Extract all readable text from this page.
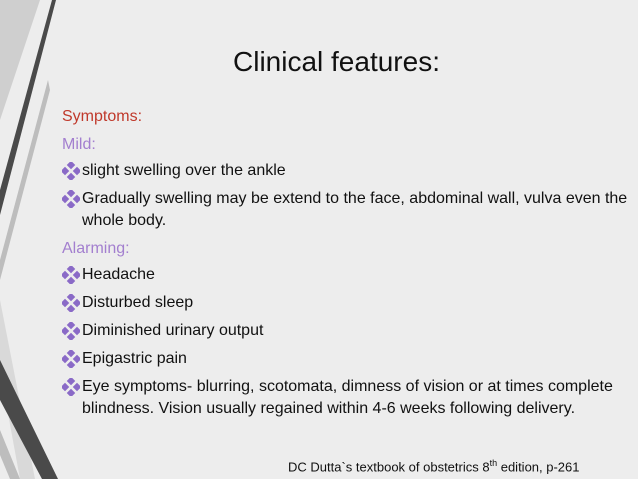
Clinical features:
Symptoms:
Mild:
slight swelling over the ankle
Gradually swelling may be extend to the face, abdominal wall, vulva even the whole body.
Alarming:
Headache
Disturbed sleep
Diminished urinary output
Epigastric pain
Eye symptoms- blurring, scotomata, dimness of vision or at times complete blindness. Vision usually regained within 4-6 weeks following delivery.
DC Dutta`s textbook of obstetrics 8th edition, p-261
